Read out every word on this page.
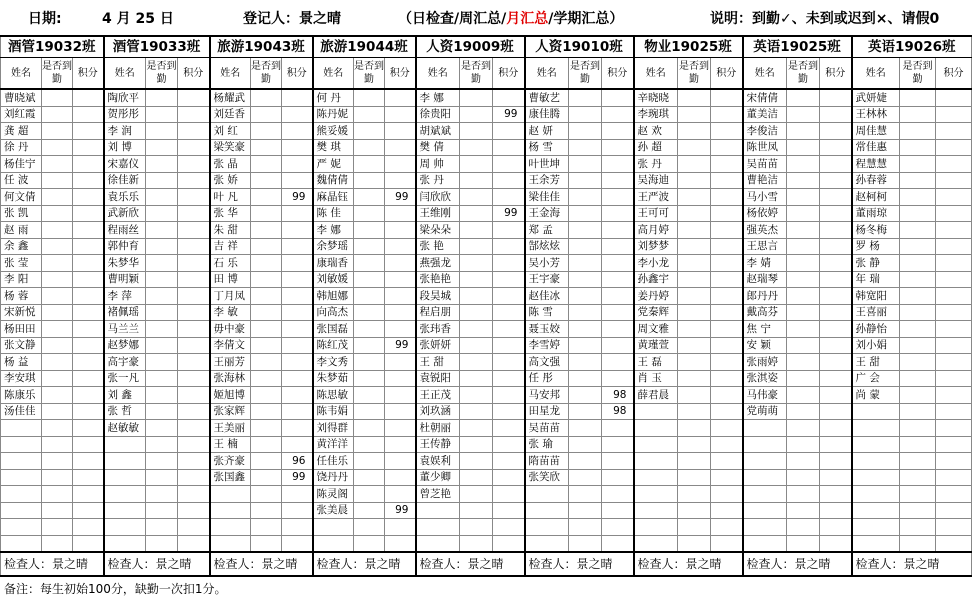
日期:	4 月 25 日	登记人：景之晴	（日检查/周汇总/月汇总/学期汇总）	说明：到勤✓、未到或迟到×、请假0
酒管19032班			酒管19033班			旅游19043班			旅游19044班			人资19009班			人资19010班			物业19025班			英语19025班			英语19026班		
姓名	是否到勤	积分	姓名	是否到勤	积分	姓名	是否到勤	积分	姓名	是否到勤	积分	姓名	是否到勤	积分	姓名	是否到勤	积分	姓名	是否到勤	积分	姓名	是否到勤	积分	姓名	是否到勤	积分
曹晓斌			陶欣平			杨耀武			何 丹			李 娜			曹敏艺			辛晓晓			宋倩倩			武妍婕		
刘红霞			贺彤彤			刘廷香			陈丹妮			徐贵阳		99	康佳腾			李琬琪			董美洁			王林林		
龚 超			李 润			刘 红			熊妥媛			胡斌斌			赵 妍			赵 欢			李俊洁			周佳慧		
徐 丹			刘 博			梁笑豪			樊 琪			樊 倩			杨 雪			孙 超			陈世凤			常佳惠		
杨佳宁			宋嘉仪			张 晶			严 妮			周 帅			叶世坤			张 丹			吴苗苗			程慧慧		
任 波			徐佳新			张 娇			魏倩倩			张 丹			王余芳			吴海迪			曹艳洁			孙春蓉		
何文倩			袁乐乐			叶 凡		99	麻晶钰		99	闫欣欣			梁佳佳			王严波			马小雪			赵柯柯		
张 凯			武新欣			张 华			陈 佳			王维刚		99	王金海			王可可			杨依婷			董雨琼		
赵 雨			程雨丝			朱 甜			李 娜			梁朵朵			郑 孟			高月婷			强英杰			杨冬梅		
余 鑫			郭仲育			吉 祥			余梦瑶			张 艳			郜炫炫			刘梦梦			王思言			罗 杨		
张 莹			朱梦华			石 乐			康瑞香			燕强龙			吴小芳			李小龙			李 婧			张 静		
李 阳			曹明颖			田 博			刘敏媛			张艳艳			王宇豪			孙鑫宇			赵瑞琴			年 瑞		
杨 蓉			李 萍			丁月凤			韩旭娜			段昊城			赵佳冰			姜丹婷			郎丹丹			韩宽阳		
宋新悦			褚佩瑶			李 敏			向高杰			程启朋			陈 雪			党秦辉			戴高芬			王喜丽		
杨田田			马兰兰			毋中豪			张国磊			张玮香			聂玉姣			周文雅			焦 宁			孙静怡		
张文静			赵梦娜			李倩文			陈红茂		99	张妍妍			李雪婷			黄瑾萱			安 颖			刘小娟		
杨 益			高宇豪			王丽芳			李文秀			王 甜			高文强			王 磊			张雨婷			王 甜		
李安琪			张一凡			张海林			朱梦茹			袁锐阳			任 彤			肖 玉			张淇姿			广 会		
陈康乐			刘 鑫			姬旭博			陈思敏			王正茂			马安邦		98	薛君晨			马伟豪			尚 蒙		
汤佳佳			张 哲			张家辉			陈韦娟			刘玖涵			田星龙		98				党萌萌					
			赵敏敏			王美丽			刘得群			杜朝丽			吴苗苗											
						王 楠			黄洋洋			王传静			张 瑜											
						张齐豪		96	任佳乐			袁娱利			隋苗苗											
						张国鑫		99	饶丹丹			董少卿			张笑欣											
									陈灵阁			曾芝艳														
									张美晨		99															

检查人：景之晴			检查人：景之晴			检查人：景之晴			检查人：景之晴			检查人：景之晴			检查人：景之晴			检查人：景之晴			检查人：景之晴			检查人：景之晴		
备注：每生初始100分，缺勤一次扣1分。
